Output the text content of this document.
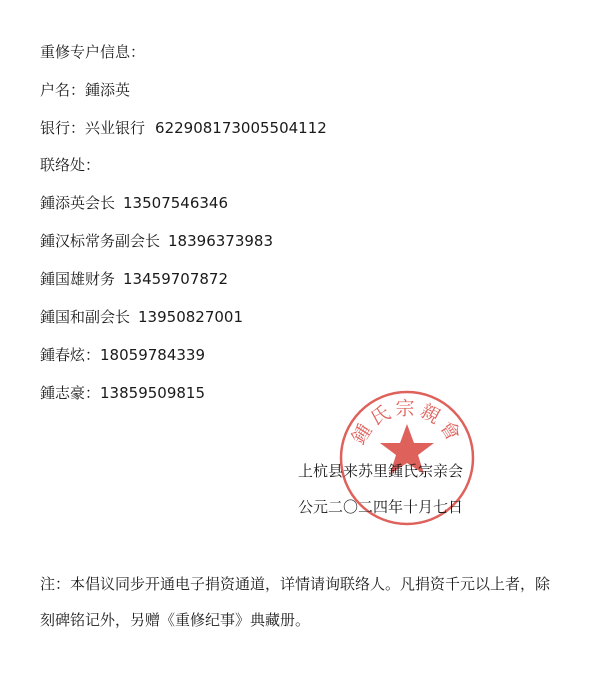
重修专户信息：
户名：鍾添英
银行：兴业银行 622908173005504112
联络处：
鍾添英会长 13507546346
鍾汉标常务副会长 18396373983
鍾国雄财务 13459707872
鍾国和副会长 13950827001
鍾春炫：18059784339
鍾志豪：13859509815
鍾氏宗親會
上杭县来苏里鍾氏宗亲会
公元二〇二四年十月七日
注：本倡议同步开通电子捐资通道，详情请询联络人。凡捐资千元以上者，除刻碑铭记外，另赠《重修纪事》典藏册。
